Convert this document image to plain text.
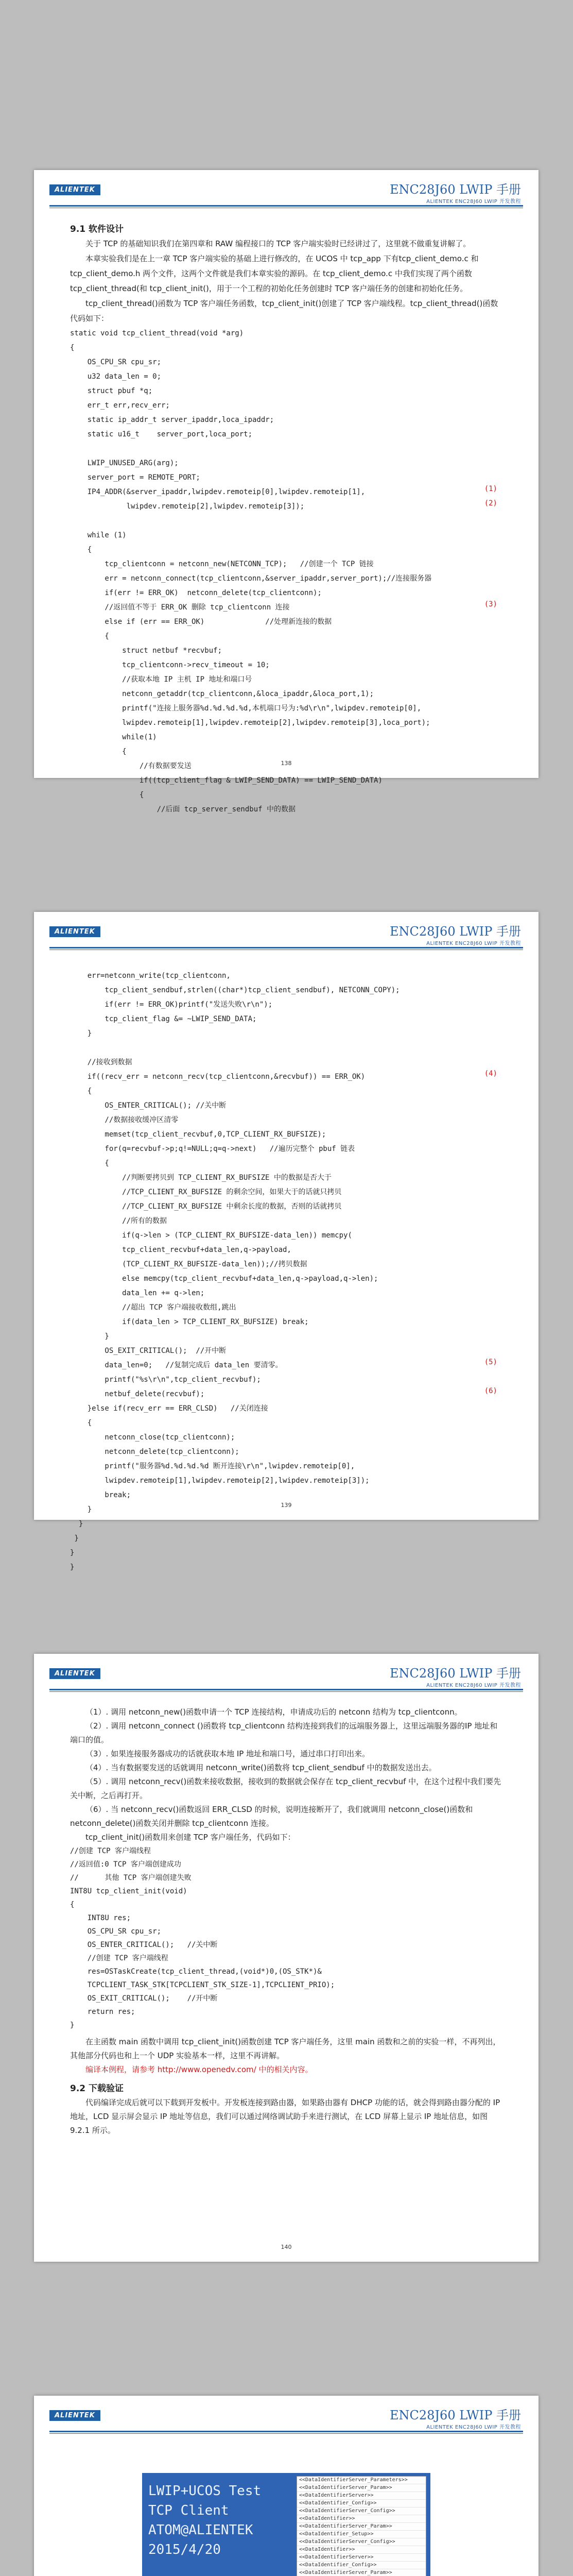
ALIENTEK	ENC28J60 LWIP 手册
ALIENTEK ENC28J60 LWIP 开发教程
9.1 软件设计

关于 TCP 的基础知识我们在第四章和 RAW 编程接口的 TCP 客户端实验时已经讲过了，这里就不做重复讲解了。

本章实验我们是在上一章 TCP 客户端实验的基础上进行修改的，在 UCOS 中 tcp_app 下有tcp_client_demo.c 和 tcp_client_demo.h 两个文件，这两个文件就是我们本章实验的源码。在 tcp_client_demo.c 中我们实现了两个函数 tcp_client_thread(和 tcp_client_init()，用于一个工程的初始化任务创建时 TCP 客户端任务的创建和初始化任务。

tcp_client_thread()函数为 TCP 客户端任务函数，tcp_client_init()创建了 TCP 客户端线程。tcp_client_thread()函数代码如下：

static void tcp_client_thread(void *arg)
{
OS_CPU_SR cpu_sr;
u32 data_len = 0;
struct pbuf *q;
err_t err,recv_err;
static ip_addr_t server_ipaddr,loca_ipaddr;
static u16_t    server_port,loca_port;

LWIP_UNUSED_ARG(arg);
server_port = REMOTE_PORT;
IP4_ADDR(&server_ipaddr,lwipdev.remoteip[0],lwipdev.remoteip[1],
lwipdev.remoteip[2],lwipdev.remoteip[3]);

while (1)
{
tcp_clientconn = netconn_new(NETCONN_TCP);   //创建一个 TCP 链接
err = netconn_connect(tcp_clientconn,&server_ipaddr,server_port);//连接服务器
if(err != ERR_OK)  netconn_delete(tcp_clientconn);
//返回值不等于 ERR_OK 删除 tcp_clientconn 连接
else if (err == ERR_OK)              //处理新连接的数据
{
struct netbuf *recvbuf;
tcp_clientconn->recv_timeout = 10;
//获取本地 IP 主机 IP 地址和端口号
netconn_getaddr(tcp_clientconn,&loca_ipaddr,&loca_port,1);
printf("连接上服务器%d.%d.%d.%d,本机端口号为:%d\r\n",lwipdev.remoteip[0],
lwipdev.remoteip[1],lwipdev.remoteip[2],lwipdev.remoteip[3],loca_port);
while(1)
{
//有数据要发送
if((tcp_client_flag & LWIP_SEND_DATA) == LWIP_SEND_DATA)
{
//后面 tcp_server_sendbuf 中的数据
(1)
(2)
(3)
138
ALIENTEK	ENC28J60 LWIP 手册
ALIENTEK ENC28J60 LWIP 开发教程
err=netconn_write(tcp_clientconn,
tcp_client_sendbuf,strlen((char*)tcp_client_sendbuf), NETCONN_COPY);
if(err != ERR_OK)printf("发送失败\r\n");
tcp_client_flag &= ~LWIP_SEND_DATA;
}

//接收到数据
if((recv_err = netconn_recv(tcp_clientconn,&recvbuf)) == ERR_OK)
{
OS_ENTER_CRITICAL(); //关中断
//数据接收缓冲区清零
memset(tcp_client_recvbuf,0,TCP_CLIENT_RX_BUFSIZE);
for(q=recvbuf->p;q!=NULL;q=q->next)   //遍历完整个 pbuf 链表
{
//判断要拷贝到 TCP_CLIENT_RX_BUFSIZE 中的数据是否大于
//TCP_CLIENT_RX_BUFSIZE 的剩余空间，如果大于的话就只拷贝
//TCP_CLIENT_RX_BUFSIZE 中剩余长度的数据，否则的话就拷贝
//所有的数据
if(q->len > (TCP_CLIENT_RX_BUFSIZE-data_len)) memcpy(
tcp_client_recvbuf+data_len,q->payload,
(TCP_CLIENT_RX_BUFSIZE-data_len));//拷贝数据
else memcpy(tcp_client_recvbuf+data_len,q->payload,q->len);
data_len += q->len;
//超出 TCP 客户端接收数组,跳出
if(data_len > TCP_CLIENT_RX_BUFSIZE) break;
}
OS_EXIT_CRITICAL();  //开中断
data_len=0;   //复制完成后 data_len 要清零。
printf("%s\r\n",tcp_client_recvbuf);
netbuf_delete(recvbuf);
}else if(recv_err == ERR_CLSD)   //关闭连接
{
netconn_close(tcp_clientconn);
netconn_delete(tcp_clientconn);
printf("服务器%d.%d.%d.%d 断开连接\r\n",lwipdev.remoteip[0],
lwipdev.remoteip[1],lwipdev.remoteip[2],lwipdev.remoteip[3]);
break;
}
}
}
}
}
(4)
(5)
(6)
139
ALIENTEK	ENC28J60 LWIP 手册
ALIENTEK ENC28J60 LWIP 开发教程

（1）. 调用 netconn_new()函数申请一个 TCP 连接结构，申请成功后的 netconn 结构为 tcp_clientconn。

（2）. 调用 netconn_connect ()函数将 tcp_clientconn 结构连接到我们的远端服务器上，这里远端服务器的IP 地址和端口的值。

（3）. 如果连接服务器成功的话就获取本地 IP 地址和端口号，通过串口打印出来。

（4）. 当有数据要发送的话就调用 netconn_write()函数将 tcp_client_sendbuf 中的数据发送出去。

（5）. 调用 netconn_recv()函数来接收数据，接收到的数据就会保存在 tcp_client_recvbuf 中，在这个过程中我们要先关中断，之后再打开。

（6）. 当 netconn_recv()函数返回 ERR_CLSD 的时候，说明连接断开了，我们就调用 netconn_close()函数和 netconn_delete()函数关闭并删除 tcp_clientconn 连接。

tcp_client_init()函数用来创建 TCP 客户端任务，代码如下：

//创建 TCP 客户端线程
//返回值:0 TCP 客户端创建成功
//      其他 TCP 客户端创建失败
INT8U tcp_client_init(void)
{
INT8U res;
OS_CPU_SR cpu_sr;
OS_ENTER_CRITICAL();   //关中断
//创建 TCP 客户端线程
res=OSTaskCreate(tcp_client_thread,(void*)0,(OS_STK*)&
TCPCLIENT_TASK_STK[TCPCLIENT_STK_SIZE-1],TCPCLIENT_PRIO);
OS_EXIT_CRITICAL();    //开中断
return res;
}

在主函数 main 函数中调用 tcp_client_init()函数创建 TCP 客户端任务，这里 main 函数和之前的实验一样，不再列出，其他部分代码也和上一个 UDP 实验基本一样，这里不再讲解。

编译本例程，请参考 http://www.openedv.com/ 中的相关内容。

9.2 下载验证

代码编译完成后就可以下载到开发板中。开发板连接到路由器，如果路由器有 DHCP 功能的话，就会得到路由器分配的 IP 地址，LCD 显示屏会显示 IP 地址等信息，我们可以通过网络调试助手来进行测试，在 LCD 屏幕上显示 IP 地址信息，如图 9.2.1 所示。

140
ALIENTEK	ENC28J60 LWIP 手册
ALIENTEK ENC28J60 LWIP 开发教程
LWIP+UCOS Test
TCP Client
ATOM@ALIENTEK
2015/4/20
<<DataIdentifierServer_Parameters>>
<<DataIdentifierServer_Param>>
<<DataIdentifierServer>>
<<DataIdentifier_Config>>
<<DataIdentifierServer_Config>>
<<DataIdentifier>>
<<DataIdentifierServer_Param>>
<<DataIdentifier_Setup>>
<<DataIdentifierServer_Config>>
<<DataIdentifier>>
<<DataIdentifierServer>>
<<DataIdentifier_Config>>
<<DataIdentifierServer_Param>>
